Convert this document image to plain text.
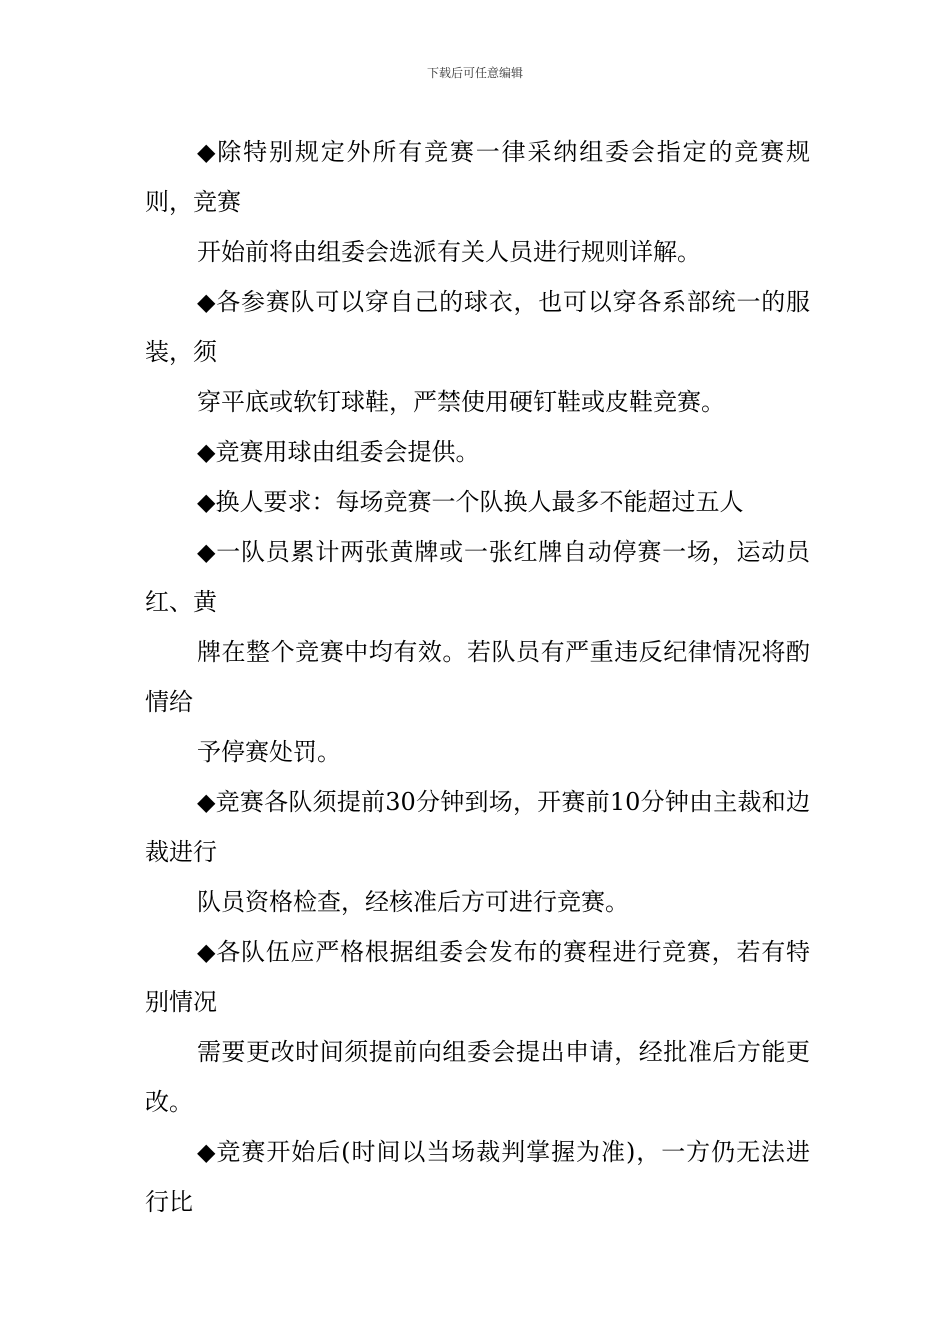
下载后可任意编辑

◆除特别规定外所有竞赛一律采纳组委会指定的竞赛规则，竞赛

开始前将由组委会选派有关人员进行规则详解。

◆各参赛队可以穿自己的球衣，也可以穿各系部统一的服装，须

穿平底或软钉球鞋，严禁使用硬钉鞋或皮鞋竞赛。

◆竞赛用球由组委会提供。

◆换人要求：每场竞赛一个队换人最多不能超过五人

◆一队员累计两张黄牌或一张红牌自动停赛一场，运动员红、黄

牌在整个竞赛中均有效。若队员有严重违反纪律情况将酌情给

予停赛处罚。

◆竞赛各队须提前30分钟到场，开赛前10分钟由主裁和边裁进行

队员资格检查，经核准后方可进行竞赛。

◆各队伍应严格根据组委会发布的赛程进行竞赛，若有特别情况

需要更改时间须提前向组委会提出申请，经批准后方能更改。

◆竞赛开始后(时间以当场裁判掌握为准)，一方仍无法进行比
